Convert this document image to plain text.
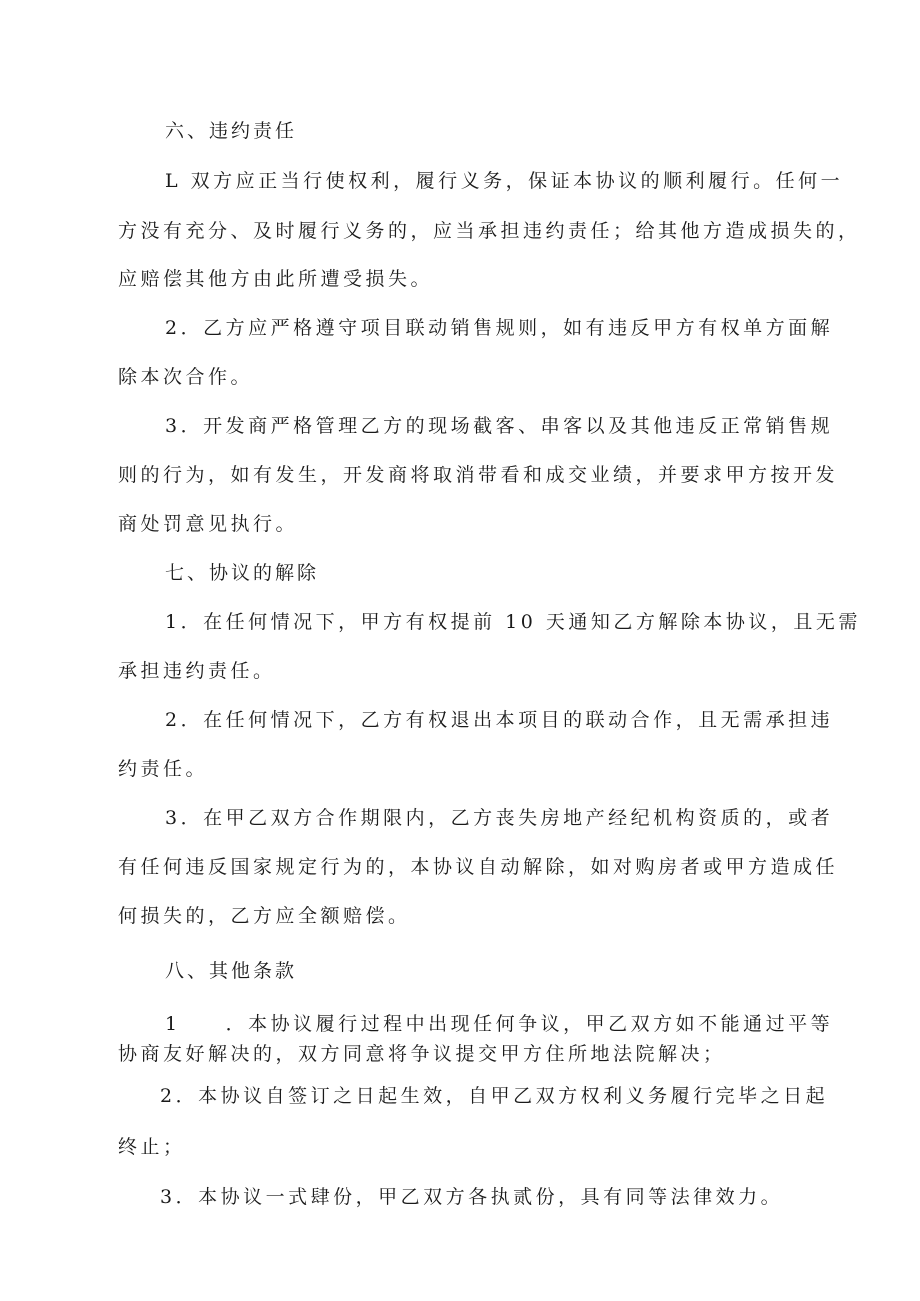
六、违约责任
L 双方应正当行使权利，履行义务，保证本协议的顺利履行。任何一
方没有充分、及时履行义务的，应当承担违约责任；给其他方造成损失的，
应赔偿其他方由此所遭受损失。
2．乙方应严格遵守项目联动销售规则，如有违反甲方有权单方面解
除本次合作。
3．开发商严格管理乙方的现场截客、串客以及其他违反正常销售规
则的行为，如有发生，开发商将取消带看和成交业绩，并要求甲方按开发
商处罚意见执行。
七、协议的解除
1．在任何情况下，甲方有权提前 10 天通知乙方解除本协议，且无需
承担违约责任。
2．在任何情况下，乙方有权退出本项目的联动合作，且无需承担违
约责任。
3．在甲乙双方合作期限内，乙方丧失房地产经纪机构资质的，或者
有任何违反国家规定行为的，本协议自动解除，如对购房者或甲方造成任
何损失的，乙方应全额赔偿。
八、其他条款
1　　．本协议履行过程中出现任何争议，甲乙双方如不能通过平等
协商友好解决的，双方同意将争议提交甲方住所地法院解决；
2．本协议自签订之日起生效，自甲乙双方权利义务履行完毕之日起
终止；
3．本协议一式肆份，甲乙双方各执贰份，具有同等法律效力。
